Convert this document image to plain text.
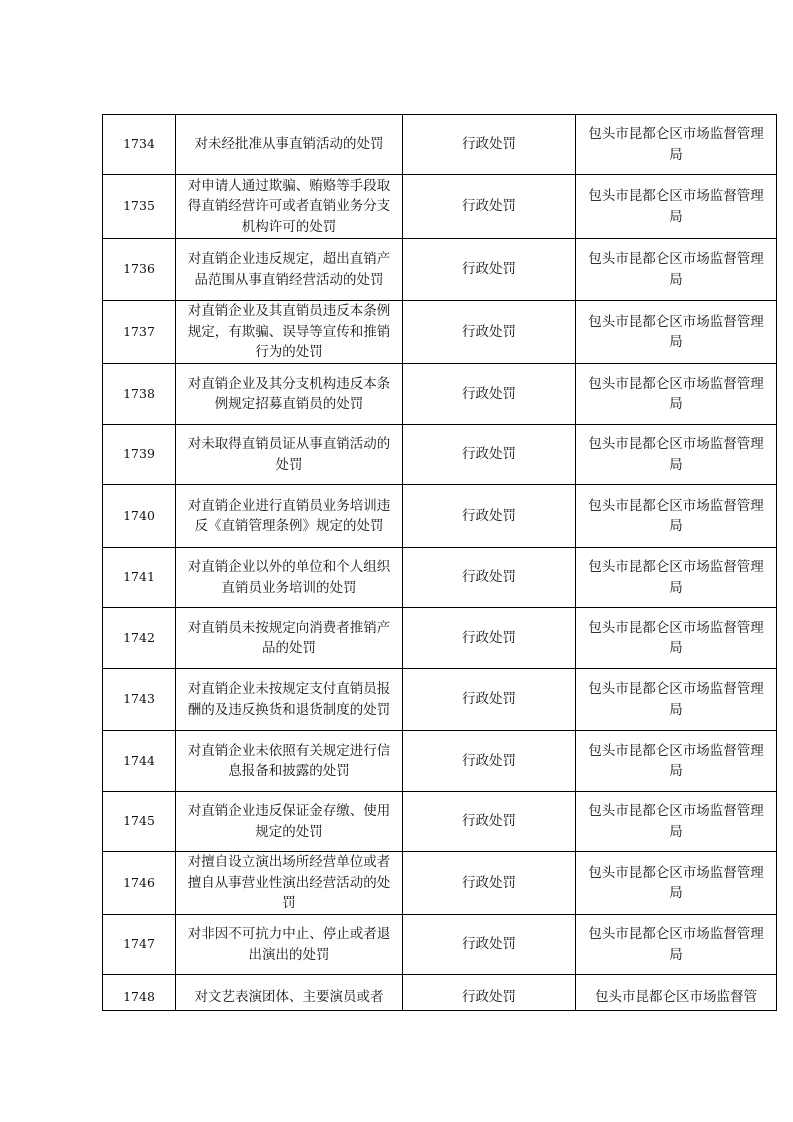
1734	对未经批准从事直销活动的处罚	行政处罚	包头市昆都仑区市场监督管理局
1735	对申请人通过欺骗、贿赂等手段取得直销经营许可或者直销业务分支机构许可的处罚	行政处罚	包头市昆都仑区市场监督管理局
1736	对直销企业违反规定，超出直销产品范围从事直销经营活动的处罚	行政处罚	包头市昆都仑区市场监督管理局
1737	对直销企业及其直销员违反本条例规定，有欺骗、误导等宣传和推销行为的处罚	行政处罚	包头市昆都仑区市场监督管理局
1738	对直销企业及其分支机构违反本条例规定招募直销员的处罚	行政处罚	包头市昆都仑区市场监督管理局
1739	对未取得直销员证从事直销活动的处罚	行政处罚	包头市昆都仑区市场监督管理局
1740	对直销企业进行直销员业务培训违反《直销管理条例》规定的处罚	行政处罚	包头市昆都仑区市场监督管理局
1741	对直销企业以外的单位和个人组织直销员业务培训的处罚	行政处罚	包头市昆都仑区市场监督管理局
1742	对直销员未按规定向消费者推销产品的处罚	行政处罚	包头市昆都仑区市场监督管理局
1743	对直销企业未按规定支付直销员报酬的及违反换货和退货制度的处罚	行政处罚	包头市昆都仑区市场监督管理局
1744	对直销企业未依照有关规定进行信息报备和披露的处罚	行政处罚	包头市昆都仑区市场监督管理局
1745	对直销企业违反保证金存缴、使用规定的处罚	行政处罚	包头市昆都仑区市场监督管理局
1746	对擅自设立演出场所经营单位或者擅自从事营业性演出经营活动的处罚	行政处罚	包头市昆都仑区市场监督管理局
1747	对非因不可抗力中止、停止或者退出演出的处罚	行政处罚	包头市昆都仑区市场监督管理局
1748	对文艺表演团体、主要演员或者	行政处罚	包头市昆都仑区市场监督管
